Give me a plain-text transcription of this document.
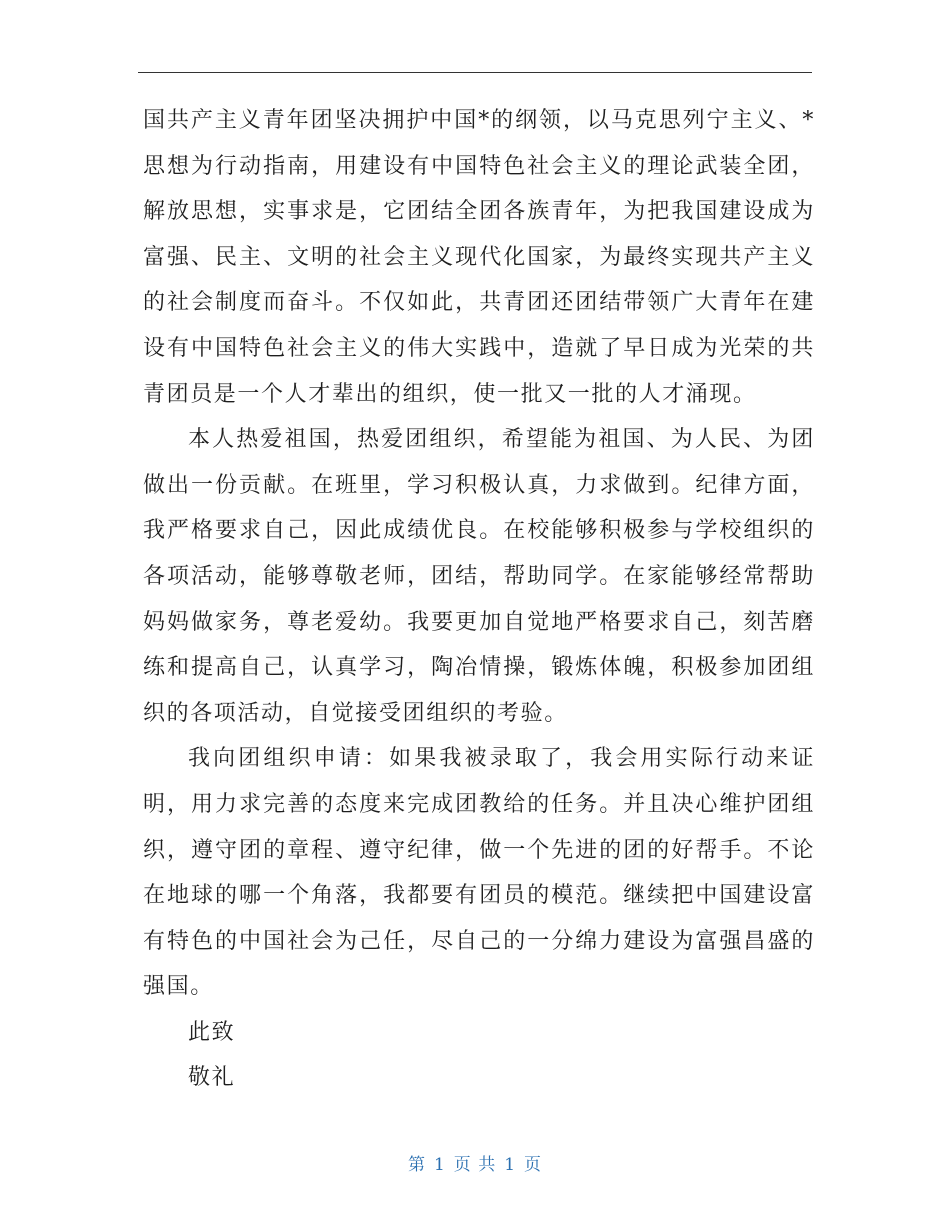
国共产主义青年团坚决拥护中国*的纲领，以马克思列宁主义、*思想为行动指南，用建设有中国特色社会主义的理论武装全团，解放思想，实事求是，它团结全团各族青年，为把我国建设成为富强、民主、文明的社会主义现代化国家，为最终实现共产主义的社会制度而奋斗。不仅如此，共青团还团结带领广大青年在建设有中国特色社会主义的伟大实践中，造就了早日成为光荣的共青团员是一个人才辈出的组织，使一批又一批的人才涌现。

本人热爱祖国，热爱团组织，希望能为祖国、为人民、为团做出一份贡献。在班里，学习积极认真，力求做到。纪律方面，我严格要求自己，因此成绩优良。在校能够积极参与学校组织的各项活动，能够尊敬老师，团结，帮助同学。在家能够经常帮助妈妈做家务，尊老爱幼。我要更加自觉地严格要求自己，刻苦磨练和提高自己，认真学习，陶冶情操，锻炼体魄，积极参加团组织的各项活动，自觉接受团组织的考验。

我向团组织申请：如果我被录取了，我会用实际行动来证明，用力求完善的态度来完成团教给的任务。并且决心维护团组织，遵守团的章程、遵守纪律，做一个先进的团的好帮手。不论在地球的哪一个角落，我都要有团员的模范。继续把中国建设富有特色的中国社会为己任，尽自己的一分绵力建设为富强昌盛的强国。

此致

敬礼

第 1 页 共 1 页
